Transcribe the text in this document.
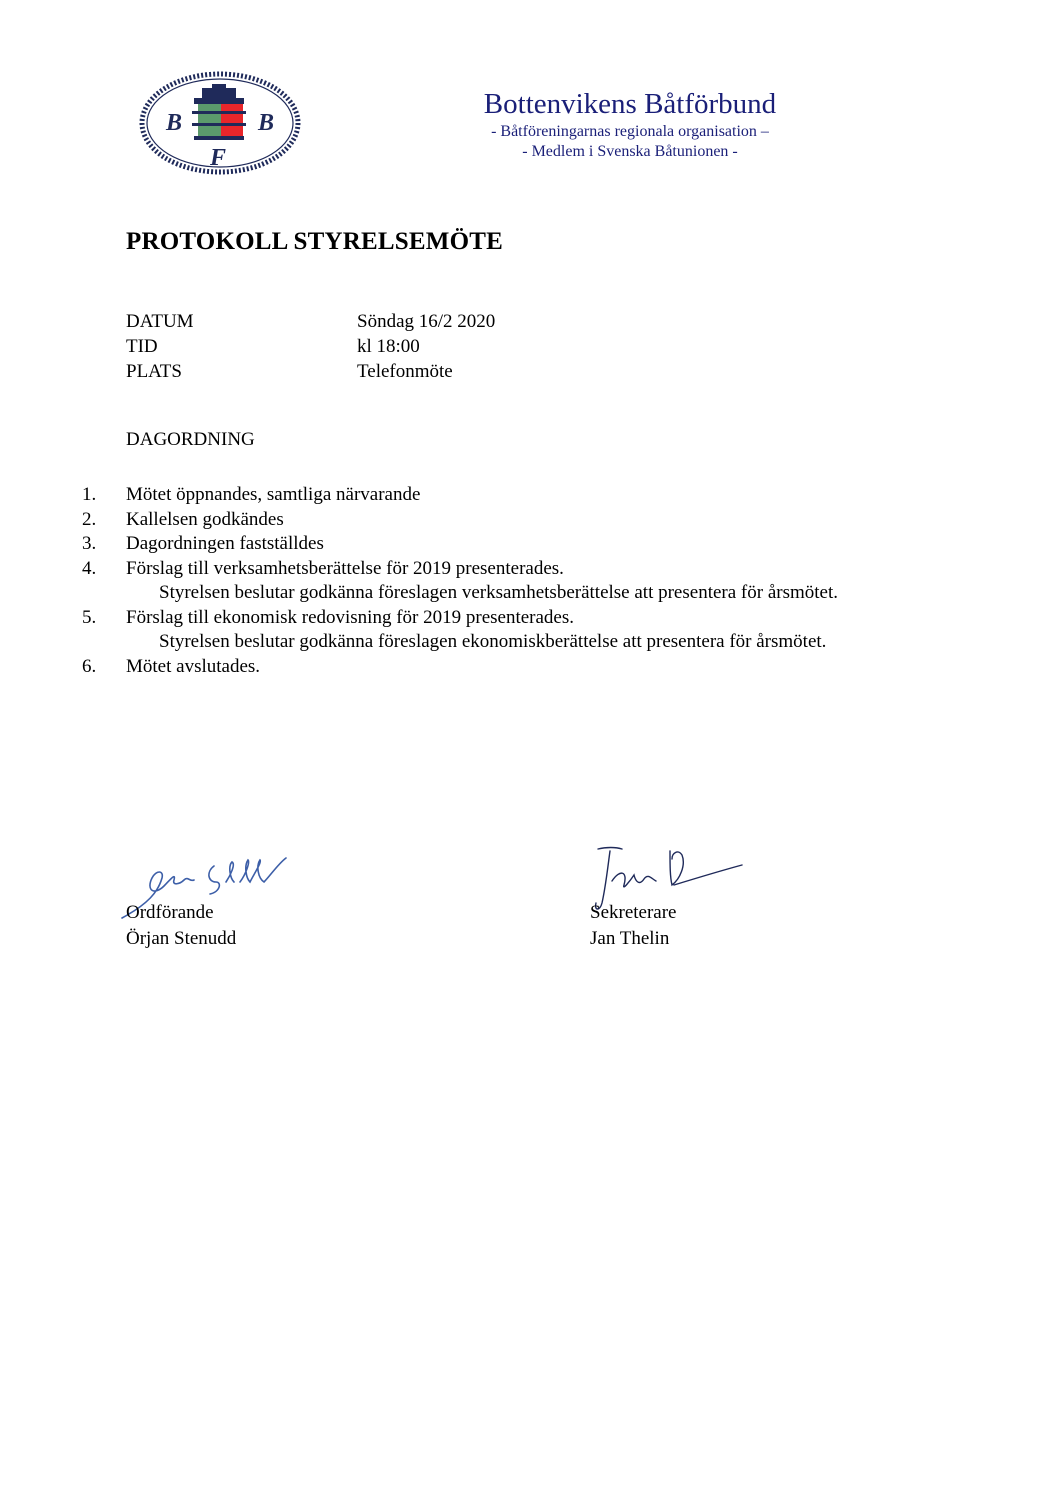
B	B
F
Bottenvikens Båtförbund
- Båtföreningarnas regionala organisation –
- Medlem i Svenska Båtunionen -
PROTOKOLL STYRELSEMÖTE
DATUM	Söndag 16/2 2020
TID	kl 18:00
PLATS	Telefonmöte
DAGORDNING
1.	Mötet öppnandes, samtliga närvarande
2.	Kallelsen godkändes
3.	Dagordningen fastställdes
4.	Förslag till verksamhetsberättelse för 2019 presenterades.
Styrelsen beslutar godkänna föreslagen verksamhetsberättelse att presentera för årsmötet.
5.	Förslag till ekonomisk redovisning för 2019 presenterades.
Styrelsen beslutar godkänna föreslagen ekonomiskberättelse att presentera för årsmötet.
6.	Mötet avslutades.
Ordförande
Örjan Stenudd
Sekreterare
Jan Thelin
